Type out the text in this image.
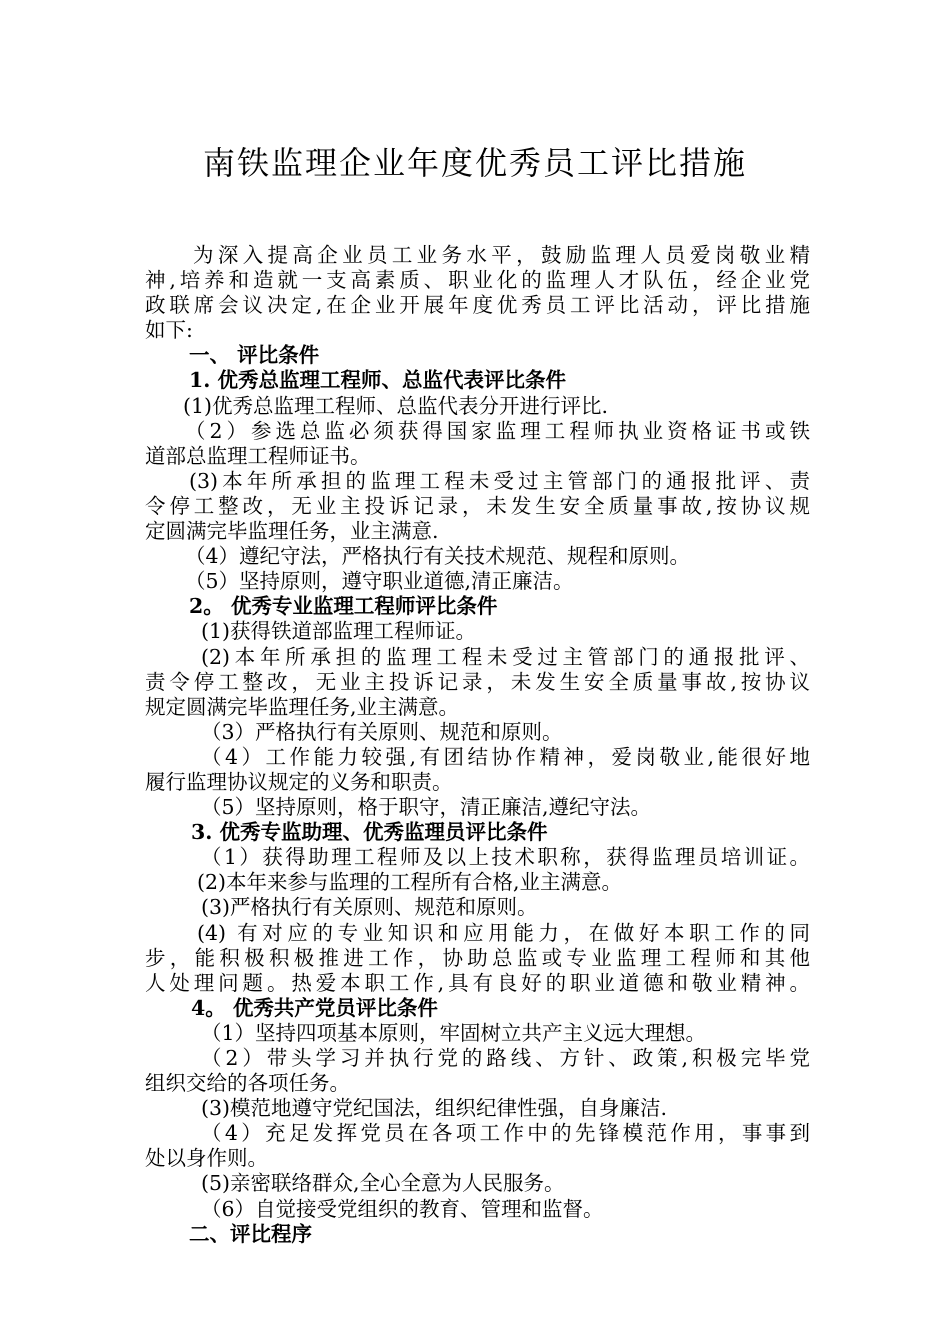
南铁监理企业年度优秀员工评比措施
为深入提高企业员工业务水平，鼓励监理人员爱岗敬业精
神,培养和造就一支高素质、职业化的监理人才队伍，经企业党
政联席会议决定,在企业开展年度优秀员工评比活动，评比措施
如下:
一、 评比条件
1. 优秀总监理工程师、总监代表评比条件
(1)优秀总监理工程师、总监代表分开进行评比.
（2）参选总监必须获得国家监理工程师执业资格证书或铁
道部总监理工程师证书。
(3)本年所承担的监理工程未受过主管部门的通报批评、责
令停工整改，无业主投诉记录，未发生安全质量事故,按协议规
定圆满完毕监理任务，业主满意.
（4）遵纪守法，严格执行有关技术规范、规程和原则。
（5）坚持原则，遵守职业道德,清正廉洁。
2。 优秀专业监理工程师评比条件
(1)获得铁道部监理工程师证。
(2)本年所承担的监理工程未受过主管部门的通报批评、
责令停工整改，无业主投诉记录，未发生安全质量事故,按协议
规定圆满完毕监理任务,业主满意。
（3）严格执行有关原则、规范和原则。
（4）工作能力较强,有团结协作精神，爱岗敬业,能很好地
履行监理协议规定的义务和职责。
（5）坚持原则，格于职守，清正廉洁,遵纪守法。
3. 优秀专监助理、优秀监理员评比条件
（1）获得助理工程师及以上技术职称，获得监理员培训证。
(2)本年来参与监理的工程所有合格,业主满意。
(3)严格执行有关原则、规范和原则。
(4) 有对应的专业知识和应用能力，在做好本职工作的同
步，能积极积极推进工作，协助总监或专业监理工程师和其他
人处理问题。热爱本职工作,具有良好的职业道德和敬业精神。
4。 优秀共产党员评比条件
（1）坚持四项基本原则，牢固树立共产主义远大理想。
（2）带头学习并执行党的路线、方针、政策,积极完毕党
组织交给的各项任务。
(3)模范地遵守党纪国法，组织纪律性强，自身廉洁.
（4）充足发挥党员在各项工作中的先锋模范作用，事事到
处以身作则。
(5)亲密联络群众,全心全意为人民服务。
（6）自觉接受党组织的教育、管理和监督。
二、评比程序
